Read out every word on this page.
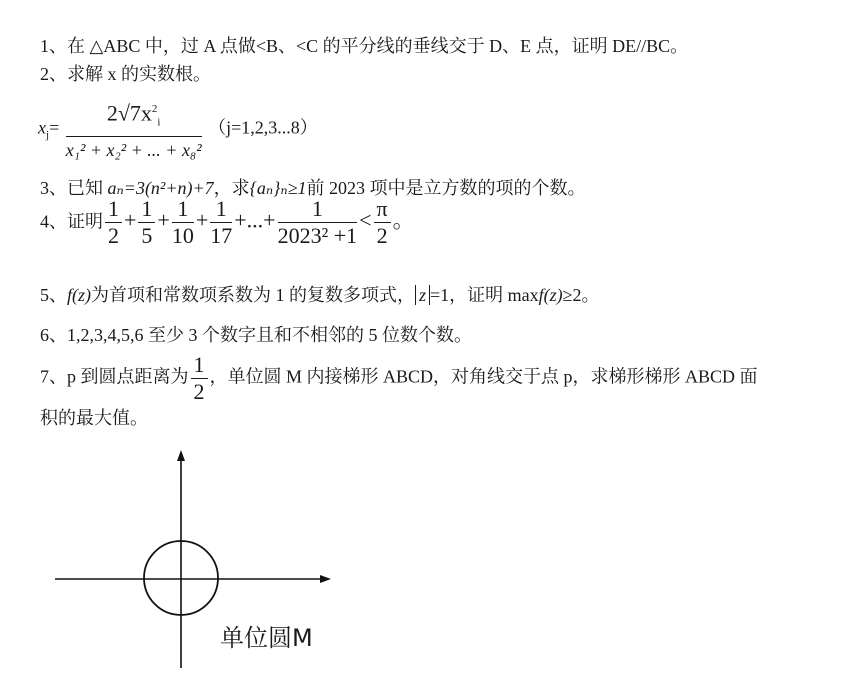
1、在 △ABC 中，过 A 点做<B、<C 的平分线的垂线交于 D、E 点，证明 DE//BC。
2、求解 x 的实数根。
$x_j= \frac{2√7x^2_i}{\text{x₁² + x₂² + ... + x₈²}} (j=1,2,3...8)$
3、已知 aₙ=3(n²+n)+7，求{aₙ}ₙ≥1前 2023 项中是立方数的项的个数。
4、证明 $\frac{1}{2} + \frac{1}{5} + \frac{1}{10} + \frac{1}{17}$ +...+ $\frac{1}{\text{2023² +1}} < \frac{\pi}{2}$ 。
5、f(z)为首项和常数项系数为 1 的复数多项式， z =1，证明 maxf(z)≥2。
6、1,2,3,4,5,6 至少 3 个数字且和不相邻的 5 位数个数。
7、p 到圆点距离为 $\frac{1}{2}$ ，单位圆 M 内接梯形 ABCD，对角线交于点 p，求梯形梯形 ABCD 面
积的最大值。
单位圆M
